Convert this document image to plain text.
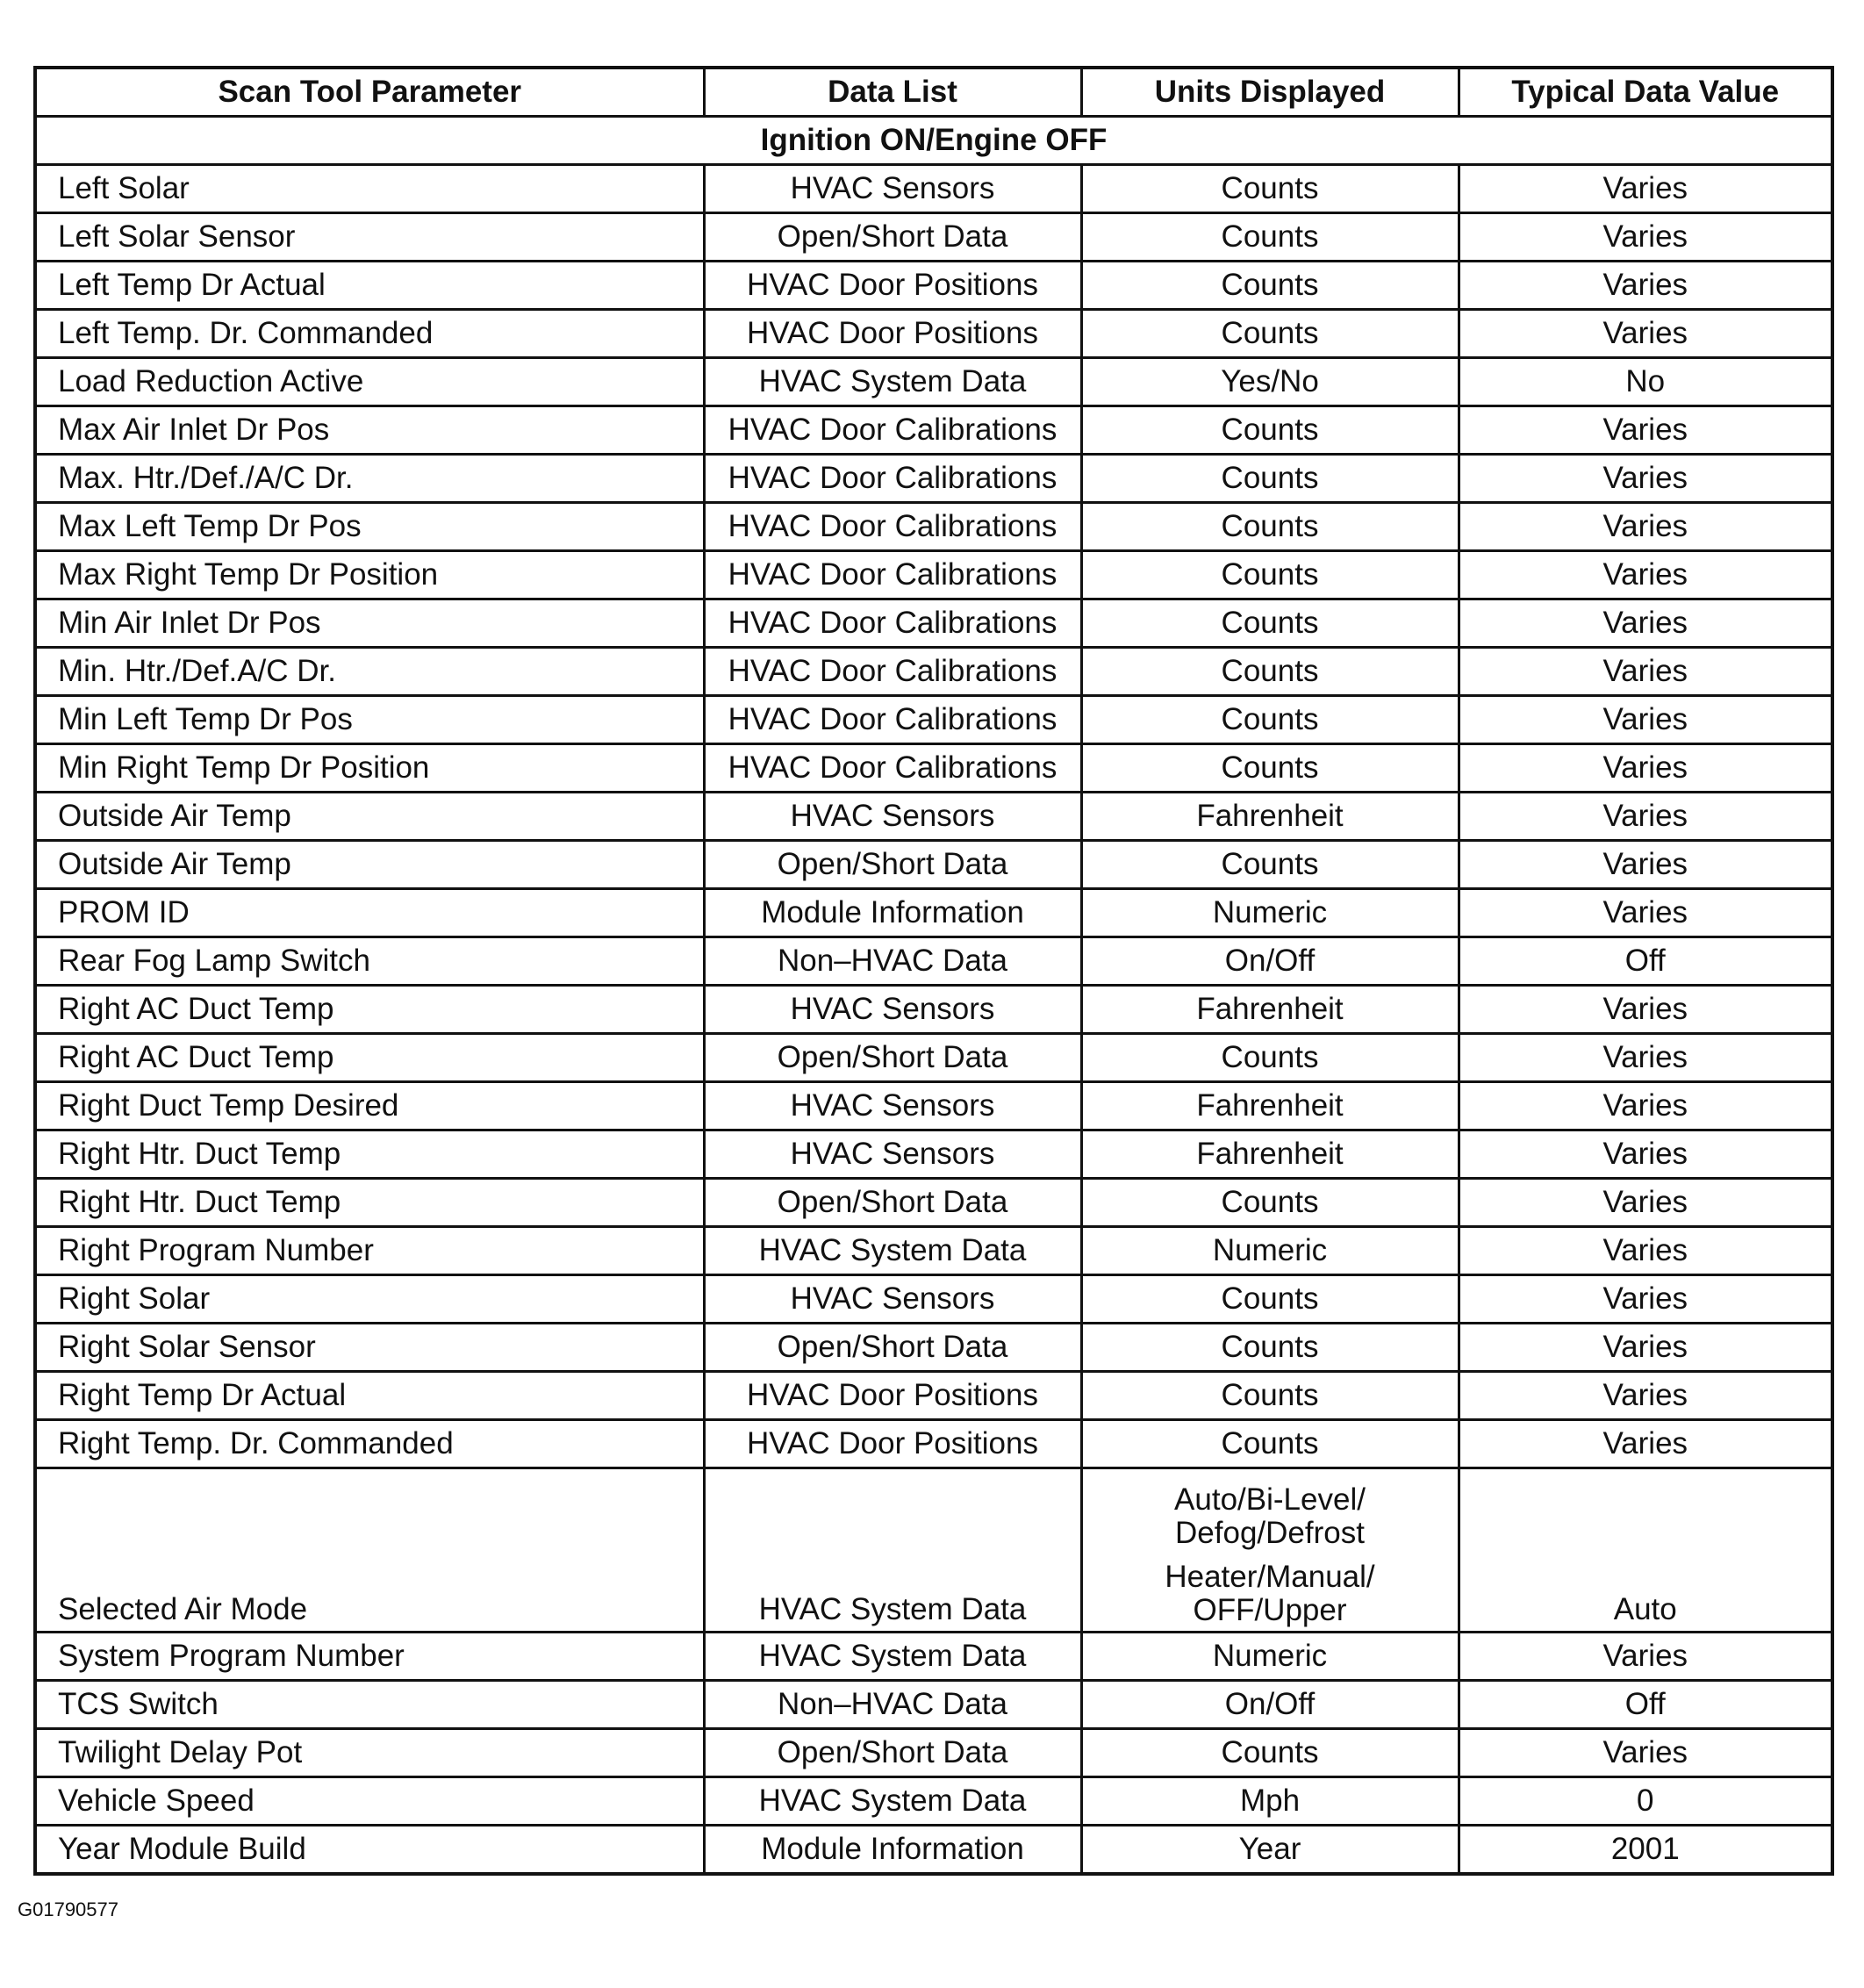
Scan Tool Parameter	Data List	Units Displayed	Typical Data Value
Ignition ON/Engine OFF			
Left Solar	HVAC Sensors	Counts	Varies
Left Solar Sensor	Open/Short Data	Counts	Varies
Left Temp Dr Actual	HVAC Door Positions	Counts	Varies
Left Temp. Dr. Commanded	HVAC Door Positions	Counts	Varies
Load Reduction Active	HVAC System Data	Yes/No	No
Max Air Inlet Dr Pos	HVAC Door Calibrations	Counts	Varies
Max. Htr./Def./A/C Dr.	HVAC Door Calibrations	Counts	Varies
Max Left Temp Dr Pos	HVAC Door Calibrations	Counts	Varies
Max Right Temp Dr Position	HVAC Door Calibrations	Counts	Varies
Min Air Inlet Dr Pos	HVAC Door Calibrations	Counts	Varies
Min. Htr./Def.A/C Dr.	HVAC Door Calibrations	Counts	Varies
Min Left Temp Dr Pos	HVAC Door Calibrations	Counts	Varies
Min Right Temp Dr Position	HVAC Door Calibrations	Counts	Varies
Outside Air Temp	HVAC Sensors	Fahrenheit	Varies
Outside Air Temp	Open/Short Data	Counts	Varies
PROM ID	Module Information	Numeric	Varies
Rear Fog Lamp Switch	Non–HVAC Data	On/Off	Off
Right AC Duct Temp	HVAC Sensors	Fahrenheit	Varies
Right AC Duct Temp	Open/Short Data	Counts	Varies
Right Duct Temp Desired	HVAC Sensors	Fahrenheit	Varies
Right Htr. Duct Temp	HVAC Sensors	Fahrenheit	Varies
Right Htr. Duct Temp	Open/Short Data	Counts	Varies
Right Program Number	HVAC System Data	Numeric	Varies
Right Solar	HVAC Sensors	Counts	Varies
Right Solar Sensor	Open/Short Data	Counts	Varies
Right Temp Dr Actual	HVAC Door Positions	Counts	Varies
Right Temp. Dr. Commanded	HVAC Door Positions	Counts	Varies
Selected Air Mode	HVAC System Data	Auto/Bi-Level/
Defog/Defrost
Heater/Manual/
OFF/Upper	Auto
System Program Number	HVAC System Data	Numeric	Varies
TCS Switch	Non–HVAC Data	On/Off	Off
Twilight Delay Pot	Open/Short Data	Counts	Varies
Vehicle Speed	HVAC System Data	Mph	0
Year Module Build	Module Information	Year	2001
G01790577
